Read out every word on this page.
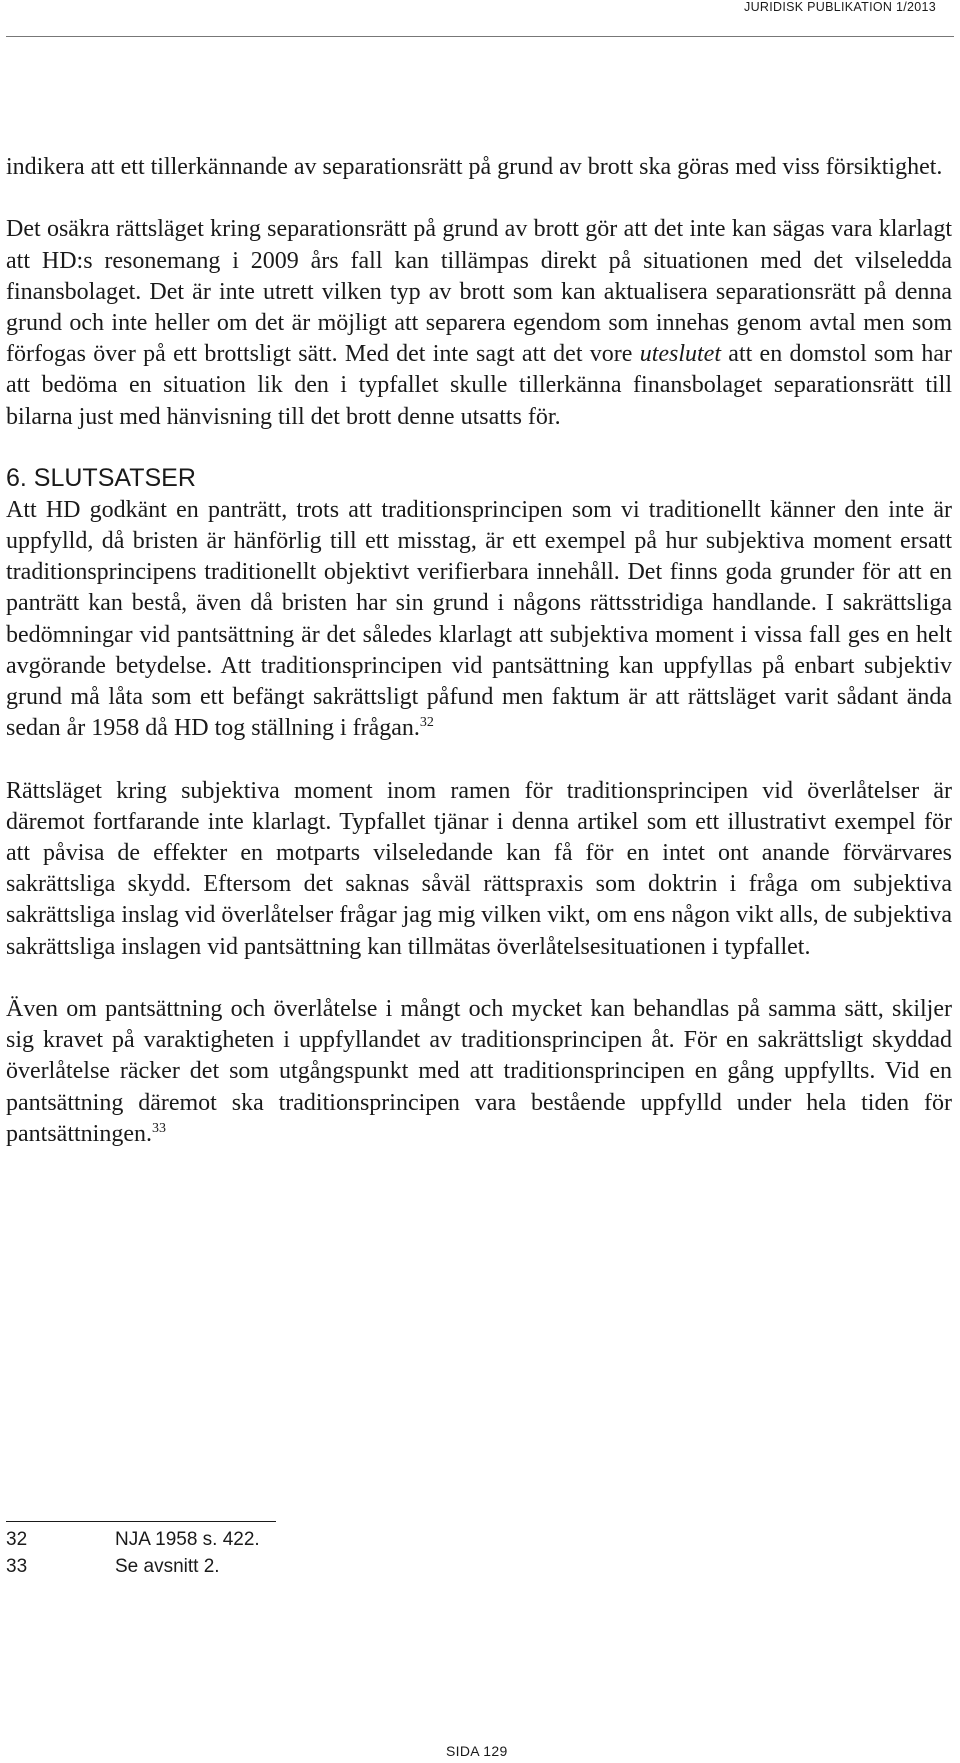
JURIDISK PUBLIKATION 1/2013

indikera att ett tillerkännande av separationsrätt på grund av brott ska göras med viss försiktighet.

Det osäkra rättsläget kring separationsrätt på grund av brott gör att det inte kan sägas vara klarlagt att HD:s resonemang i 2009 års fall kan tillämpas direkt på situationen med det vilseledda finansbolaget. Det är inte utrett vilken typ av brott som kan aktualisera separationsrätt på denna grund och inte heller om det är möjligt att separera egendom som innehas genom avtal men som förfogas över på ett brottsligt sätt. Med det inte sagt att det vore uteslutet att en domstol som har att bedöma en situation lik den i typfallet skulle tillerkänna finansbolaget separationsrätt till bilarna just med hänvisning till det brott denne utsatts för.

6. SLUTSATSER

Att HD godkänt en panträtt, trots att traditionsprincipen som vi traditionellt känner den inte är uppfylld, då bristen är hänförlig till ett misstag, är ett exempel på hur subjektiva moment ersatt traditionsprincipens traditionellt objektivt verifierbara innehåll. Det finns goda grunder för att en panträtt kan bestå, även då bristen har sin grund i någons rättsstridiga handlande. I sakrättsliga bedömningar vid pantsättning är det således klarlagt att subjektiva moment i vissa fall ges en helt avgörande betydelse. Att traditionsprincipen vid pantsättning kan uppfyllas på enbart subjektiv grund må låta som ett befängt sakrättsligt påfund men faktum är att rättsläget varit sådant ända sedan år 1958 då HD tog ställning i frågan.$^{32}$

Rättsläget kring subjektiva moment inom ramen för traditionsprincipen vid överlåtelser är däremot fortfarande inte klarlagt. Typfallet tjänar i denna artikel som ett illustrativt exempel för att påvisa de effekter en motparts vilseledande kan få för en intet ont anande förvärvares sakrättsliga skydd. Eftersom det saknas såväl rättspraxis som doktrin i fråga om subjektiva sakrättsliga inslag vid överlåtelser frågar jag mig vilken vikt, om ens någon vikt alls, de subjektiva sakrättsliga inslagen vid pantsättning kan tillmätas överlåtelsesituationen i typfallet.

Även om pantsättning och överlåtelse i mångt och mycket kan behandlas på samma sätt, skiljer sig kravet på varaktigheten i uppfyllandet av traditionsprincipen åt. För en sakrättsligt skyddad överlåtelse räcker det som utgångspunkt med att traditionsprincipen en gång uppfyllts. Vid en pantsättning däremot ska traditionsprincipen vara bestående uppfylld under hela tiden för pantsättningen.$^{33}$

32	NJA 1958 s. 422.
33	Se avsnitt 2.
SIDA 129
